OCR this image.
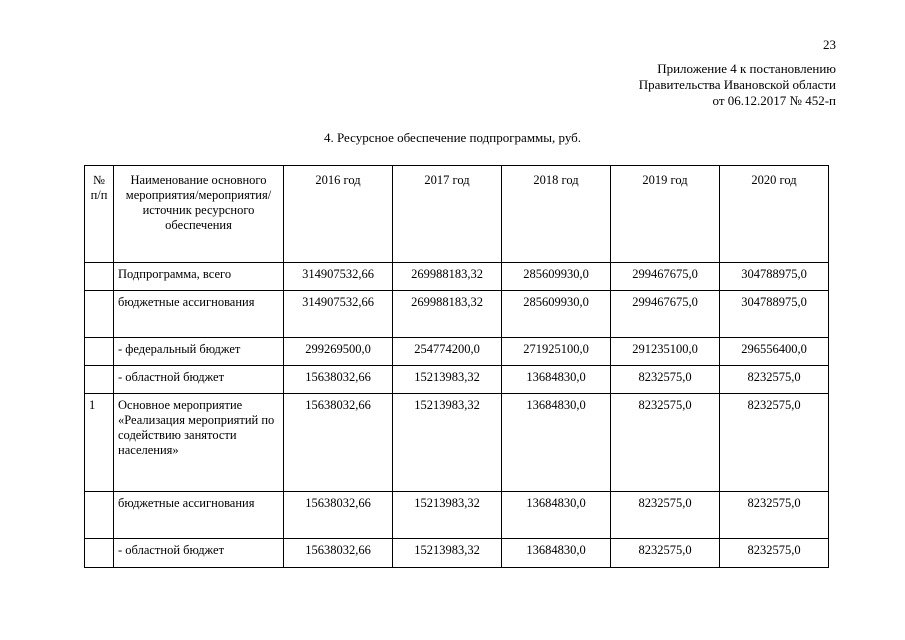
23
Приложение 4 к постановлению
Правительства Ивановской области
от 06.12.2017 № 452-п
4. Ресурсное обеспечение подпрограммы, руб.
№ п/п	Наименование основного мероприятия/мероприятия/источник ресурсного обеспечения	2016 год	2017 год	2018 год	2019 год	2020 год
	Подпрограмма, всего	314907532,66	269988183,32	285609930,0	299467675,0	304788975,0
	бюджетные ассигнования	314907532,66	269988183,32	285609930,0	299467675,0	304788975,0
	- федеральный бюджет	299269500,0	254774200,0	271925100,0	291235100,0	296556400,0
	- областной бюджет	15638032,66	15213983,32	13684830,0	8232575,0	8232575,0
1	Основное мероприятие «Реализация мероприятий по содействию занятости населения»	15638032,66	15213983,32	13684830,0	8232575,0	8232575,0
	бюджетные ассигнования	15638032,66	15213983,32	13684830,0	8232575,0	8232575,0
	- областной бюджет	15638032,66	15213983,32	13684830,0	8232575,0	8232575,0
